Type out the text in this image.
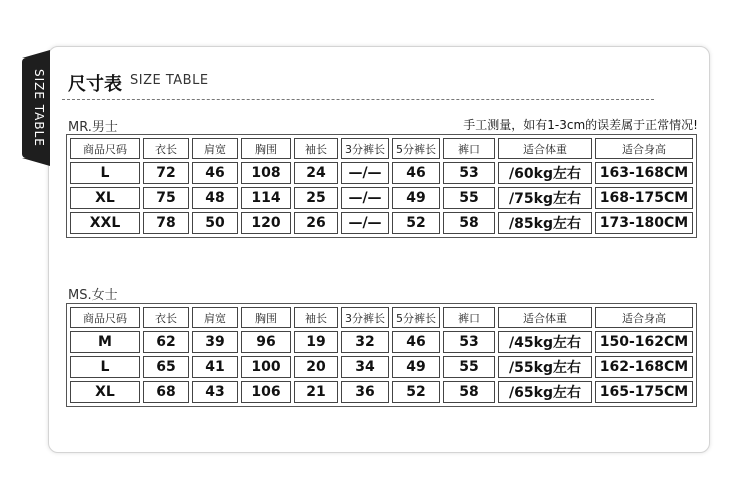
SIZE TABLE 尺寸表 SIZE TABLE
MR.男士	手工测量，如有1-3cm的误差属于正常情况!
商品尺码	衣长	肩宽	胸围	袖长	3分裤长	5分裤长	裤口	适合体重	适合身高
L	72	46	108	24	—/—	46	53	/60kg左右	163-168CM
XL	75	48	114	25	—/—	49	55	/75kg左右	168-175CM
XXL	78	50	120	26	—/—	52	58	/85kg左右	173-180CM
MS.女士
商品尺码	衣长	肩宽	胸围	袖长	3分裤长	5分裤长	裤口	适合体重	适合身高
M	62	39	96	19	32	46	53	/45kg左右	150-162CM
L	65	41	100	20	34	49	55	/55kg左右	162-168CM
XL	68	43	106	21	36	52	58	/65kg左右	165-175CM
